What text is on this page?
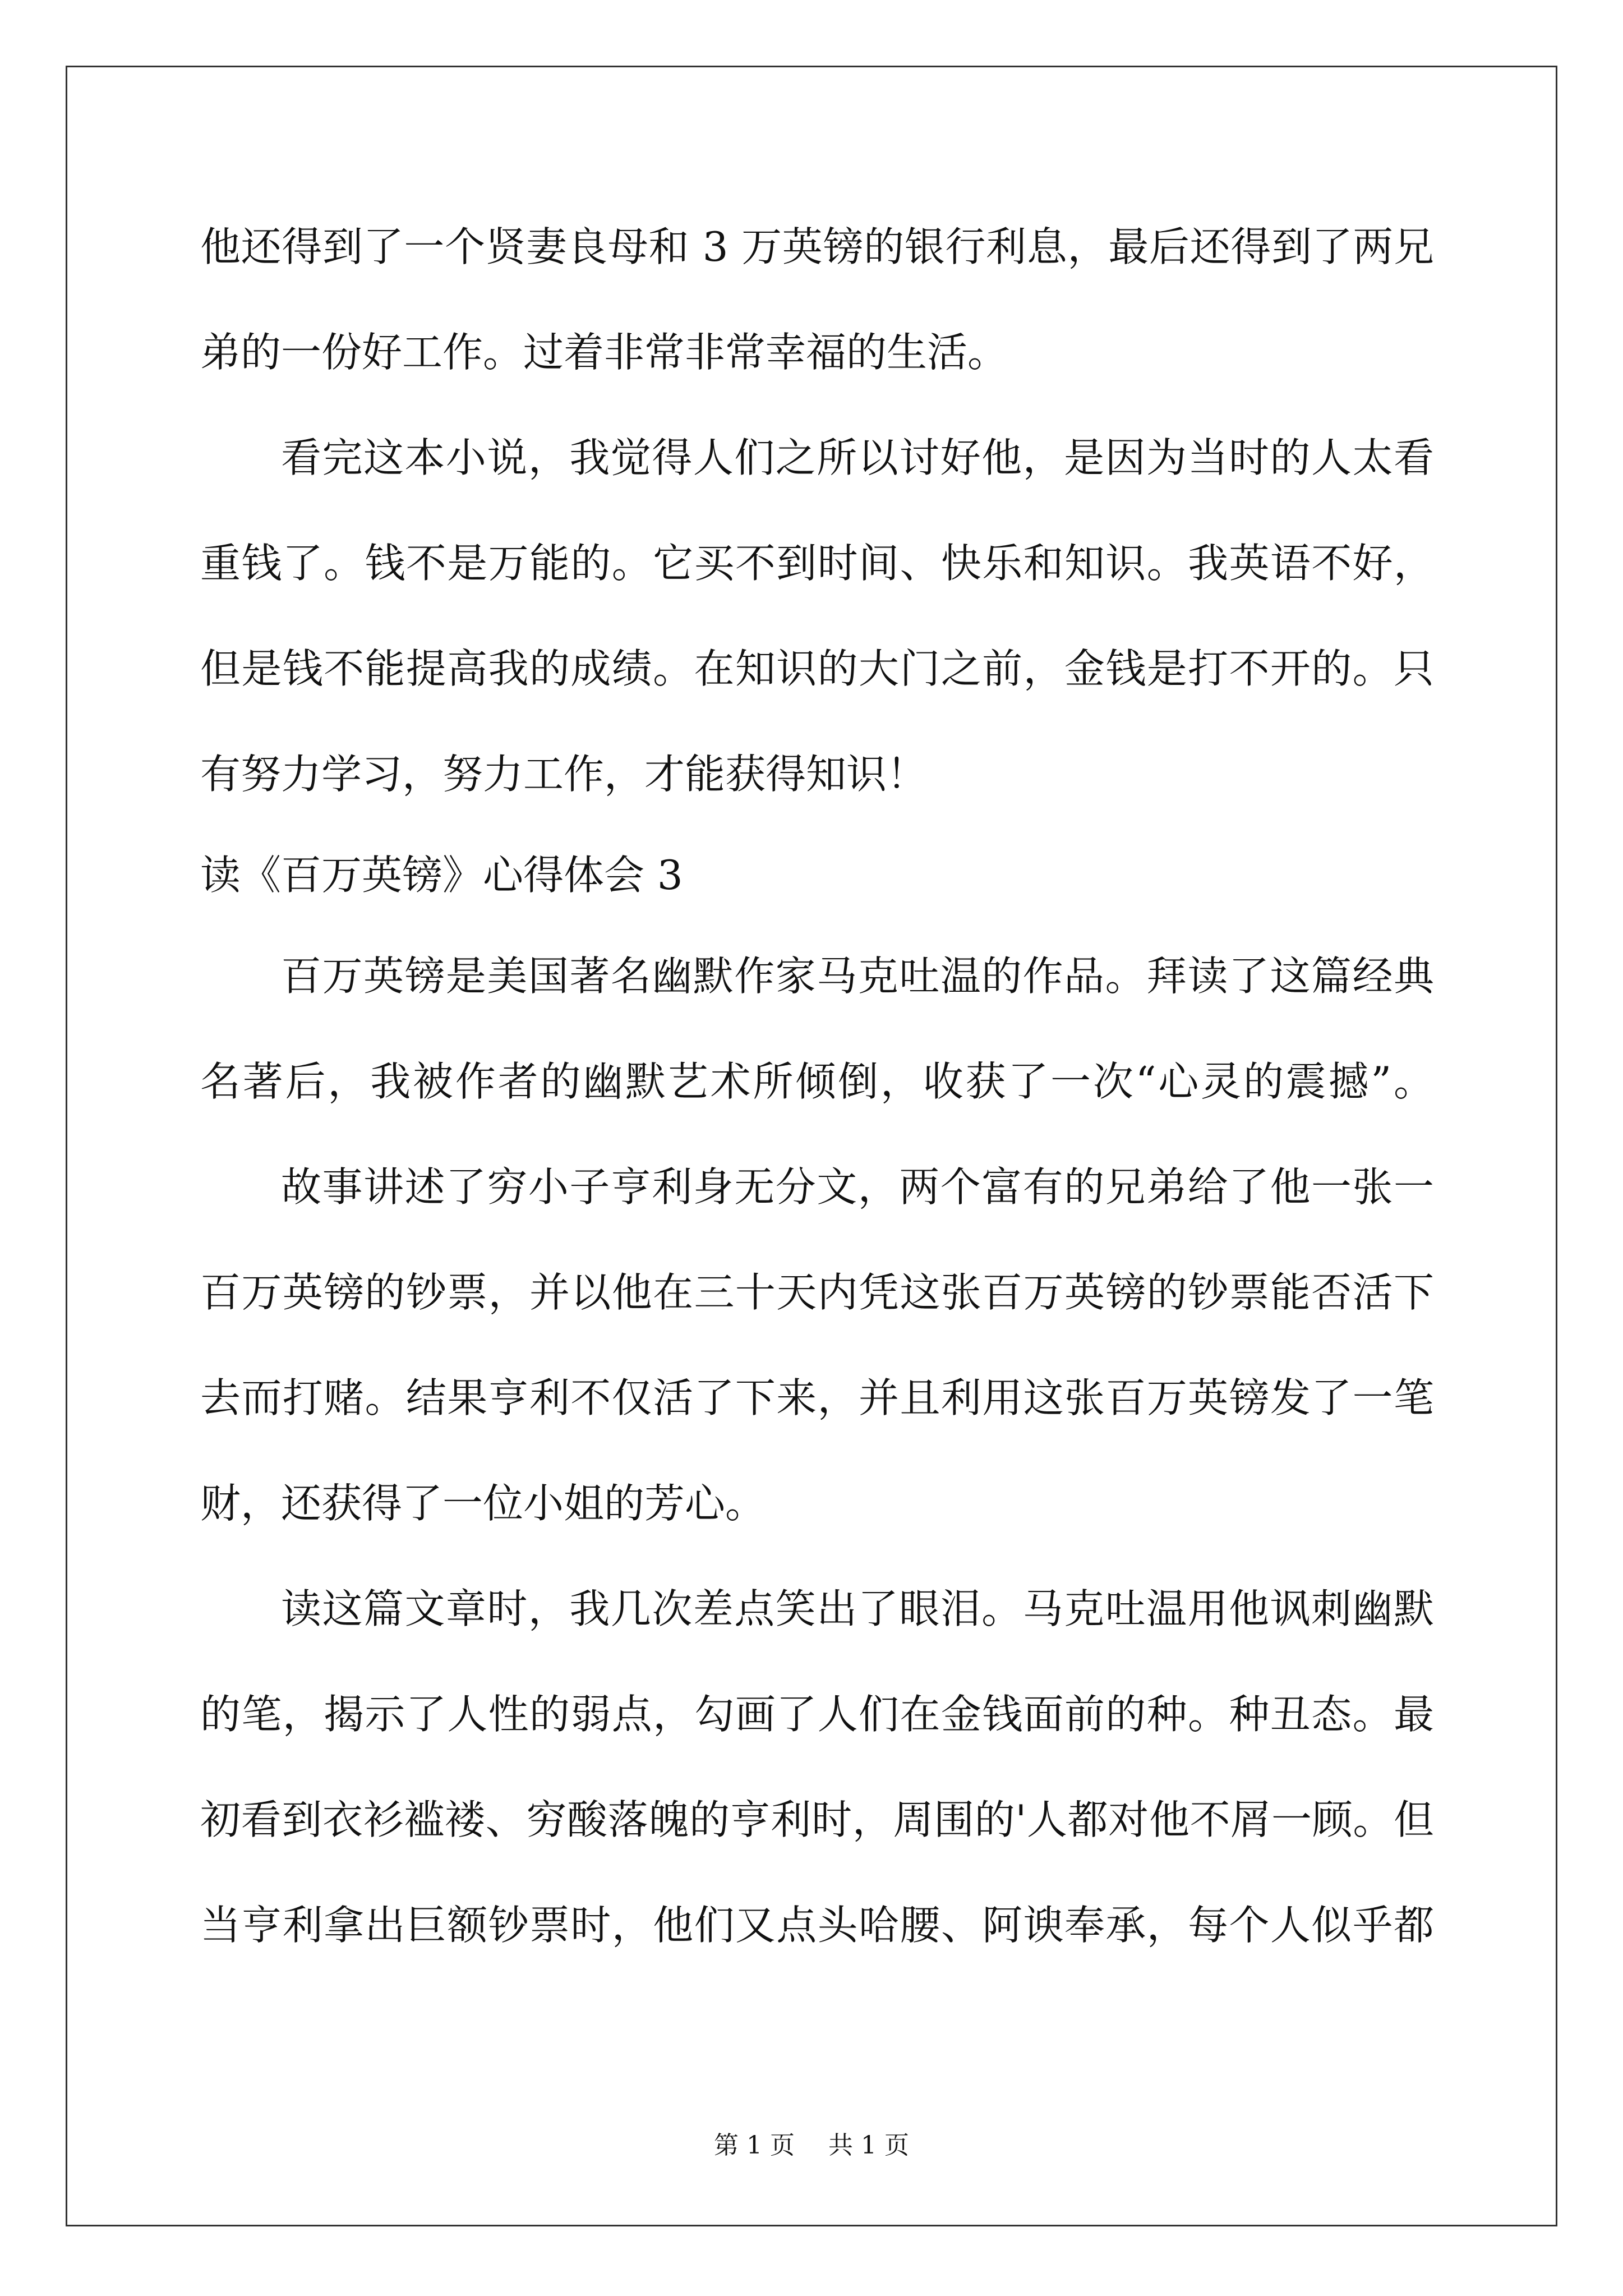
他还得到了一个贤妻良母和 3 万英镑的银行利息，最后还得到了两兄
弟的一份好工作。过着非常非常幸福的生活。
看完这本小说，我觉得人们之所以讨好他，是因为当时的人太看
重钱了。钱不是万能的。它买不到时间、快乐和知识。我英语不好，
但是钱不能提高我的成绩。在知识的大门之前，金钱是打不开的。只
有努力学习，努力工作，才能获得知识！
读《百万英镑》心得体会 3
百万英镑是美国著名幽默作家马克吐温的作品。拜读了这篇经典
名著后，我被作者的幽默艺术所倾倒，收获了一次“心灵的震撼”。
故事讲述了穷小子亨利身无分文，两个富有的兄弟给了他一张一
百万英镑的钞票，并以他在三十天内凭这张百万英镑的钞票能否活下
去而打赌。结果亨利不仅活了下来，并且利用这张百万英镑发了一笔
财，还获得了一位小姐的芳心。
读这篇文章时，我几次差点笑出了眼泪。马克吐温用他讽刺幽默
的笔，揭示了人性的弱点，勾画了人们在金钱面前的种。种丑态。最
初看到衣衫褴褛、穷酸落魄的亨利时，周围的'人都对他不屑一顾。但
当亨利拿出巨额钞票时，他们又点头哈腰、阿谀奉承，每个人似乎都
第 1 页 共 1 页
